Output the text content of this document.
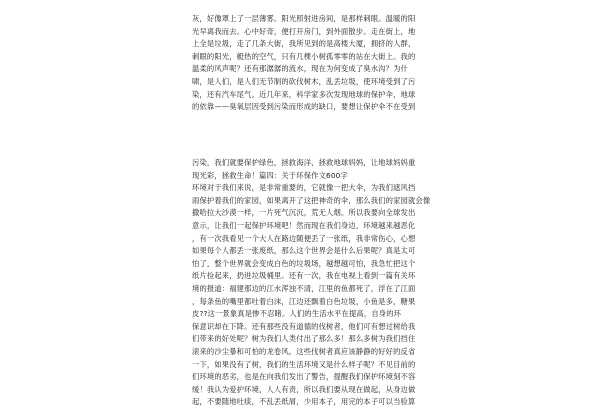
灰，好像罩上了一层薄雾。阳光照射进房间，是那样刺眼。温暖的阳
光早离我而去。心中好奇，便打开房门，到外面散步。走在街上，地
上全是垃圾，走了几条大街，我所见到的是高楼大厦，拥挤的人群，
刺眼的阳光，艇热的空气，只有几棵小树孤零零的站在大街上。我的
温柔的风声呢？还有那潺潺的流水，现在为何变成了臭水沟？为什
啸，是人们，是人们无节制的砍伐树木，乱丢垃圾，使环境受到了污
染，还有汽车尾气。近几年来，科学家多次发现地球的保护伞，地球
的依靠——臭氧层因受到污染而形成的缺口，要想让保护伞不在受到
污染，我们就要保护绿色，拯救海洋，拯救地球妈妈，让地球妈妈重
现光彩，拯救生命！篇四：关于环保作文600字
环境对于我们来说，是非常重要的，它就像一把大伞，为我们遮风挡
雨保护着我们的家园，如果离开了这把神奇的伞，那么我们的家园就会像
撒哈拉大沙漠一样，一片死气沉沉，荒无人烟。所以我要向全球发出
意示，让我们一起保护环境吧！然而现在我们身边，环境越来越恶化
，有一次我看见一个大人在路边随便丢了一张纸，我非常伤心，心想
如果每个人都丢一张废纸，那么这个世界会是什么后果呢？真是太可
怕了，整个世界就会变成白色的垃圾场，越想越可怕，我急忙把这个
纸片捡起来，扔进垃圾桶里。还有一次，我在电视上看到一篇有关环
境的报道：福建那边的江水浑浊不清，江里的鱼都死了，浮在了江面
，每条鱼的嘴里都吐着白沫，江边还飘着白色垃圾，小鱼是多，糖果
皮??这一景象真是惨不忍睹。人们的生活水平在提高，自身的环
保意识却在下降。还有那些没有道德的伐树者，他们可有想过树给我
们带来的好处呢？树为我们人类付出了那么多！那么多树为我们挡住
滚来的沙尘暴和可怕的龙卷风。这些伐树者真应该静静的好好的反省
一下，如果没有了树，我们的生活环境又是什么样子呢？不见目前的
们环境的恶劣，也是在向我们发出了警告，提醒我们保护环境刻不容
缓！我认为爱护环境，人人有责，所以我们要从现在做起，从身边做
起，不要随地吐痰，不乱丢纸屑，少用本子，用完的本子可以当验算
